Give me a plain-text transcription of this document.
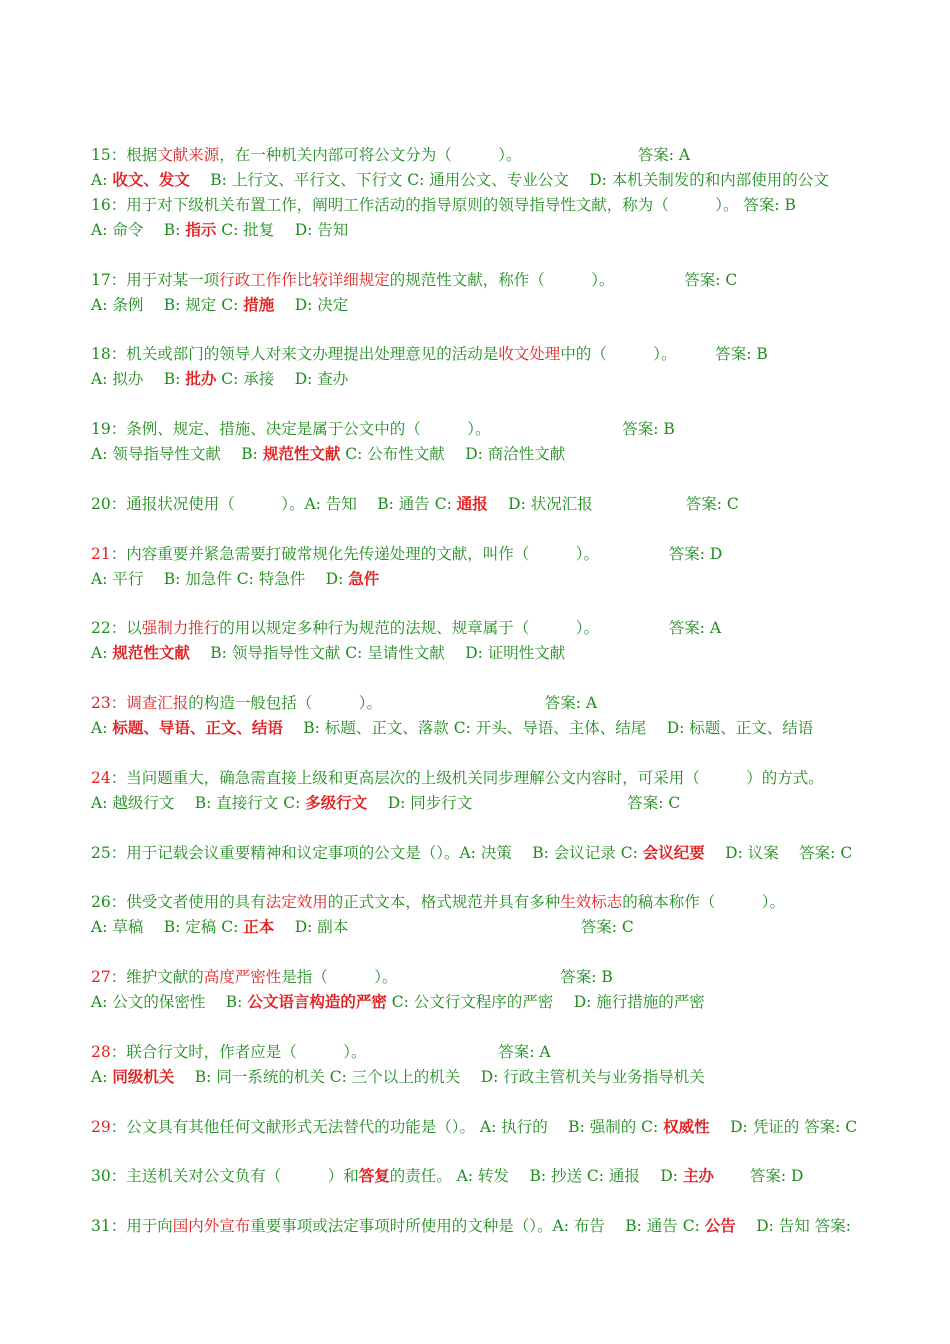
15：根据文献来源，在一种机关内部可将公文分为（　　　）。　　　　　　　　答案: A
A: 收文、发文　 B: 上行文、平行文、下行文 C: 通用公文、专业公文　 D: 本机关制发的和内部使用的公文
16：用于对下级机关布置工作，阐明工作活动的指导原则的领导指导性文献，称为（　　　）。 答案: B
A: 命令　 B: 指示 C: 批复　 D: 告知
17：用于对某一项行政工作作比较详细规定的规范性文献，称作（　　　）。　　　　　答案: C
A: 条例　 B: 规定 C: 措施　 D: 决定
18：机关或部门的领导人对来文办理提出处理意见的活动是收文处理中的（　　　）。　　　答案: B
A: 拟办　 B: 批办 C: 承接　 D: 查办
19：条例、规定、措施、决定是属于公文中的（　　　）。　　　　　　　　　答案: B
A: 领导指导性文献　 B: 规范性文献 C: 公布性文献　 D: 商洽性文献
20：通报状况使用（　　　）。A: 告知　 B: 通告 C: 通报　 D: 状况汇报　　　　　　答案: C
21：内容重要并紧急需要打破常规化先传递处理的文献，叫作（　　　）。　　　　　答案: D
A: 平行　 B: 加急件 C: 特急件　 D: 急件
22：以强制力推行的用以规定多种行为规范的法规、规章属于（　　　）。　　　　　答案: A
A: 规范性文献　 B: 领导指导性文献 C: 呈请性文献　 D: 证明性文献
23：调查汇报的构造一般包括（　　　）。　　　　　　　　　　　答案: A
A: 标题、导语、正文、结语　 B: 标题、正文、落款 C: 开头、导语、主体、结尾　 D: 标题、正文、结语
24：当问题重大，确急需直接上级和更高层次的上级机关同步理解公文内容时，可采用（　　　）的方式。
A: 越级行文　 B: 直接行文 C: 多级行文　 D: 同步行文　　　　　　　　　　答案: C
25：用于记载会议重要精神和议定事项的公文是（）。A: 决策　 B: 会议记录 C: 会议纪要　 D: 议案　 答案: C
26：供受文者使用的具有法定效用的正式文本，格式规范并具有多种生效标志的稿本称作（　　　）。
A: 草稿　 B: 定稿 C: 正本　 D: 副本　　　　　　　　　　　　　　　答案: C
27：维护文献的高度严密性是指（　　　）。　　　　　　　　　　　答案: B
A: 公文的保密性　 B: 公文语言构造的严密 C: 公文行文程序的严密　 D: 施行措施的严密
28：联合行文时，作者应是（　　　）。　　　　　　　　　答案: A
A: 同级机关　 B: 同一系统的机关 C: 三个以上的机关　 D: 行政主管机关与业务指导机关
29：公文具有其他任何文献形式无法替代的功能是（）。 A: 执行的　 B: 强制的 C: 权威性　 D: 凭证的 答案: C
30：主送机关对公文负有（　　　）和答复的责任。 A: 转发　 B: 抄送 C: 通报　 D: 主办　　 答案: D
31：用于向国内外宣布重要事项或法定事项时所使用的文种是（）。A: 布告　 B: 通告 C: 公告　 D: 告知 答案:
